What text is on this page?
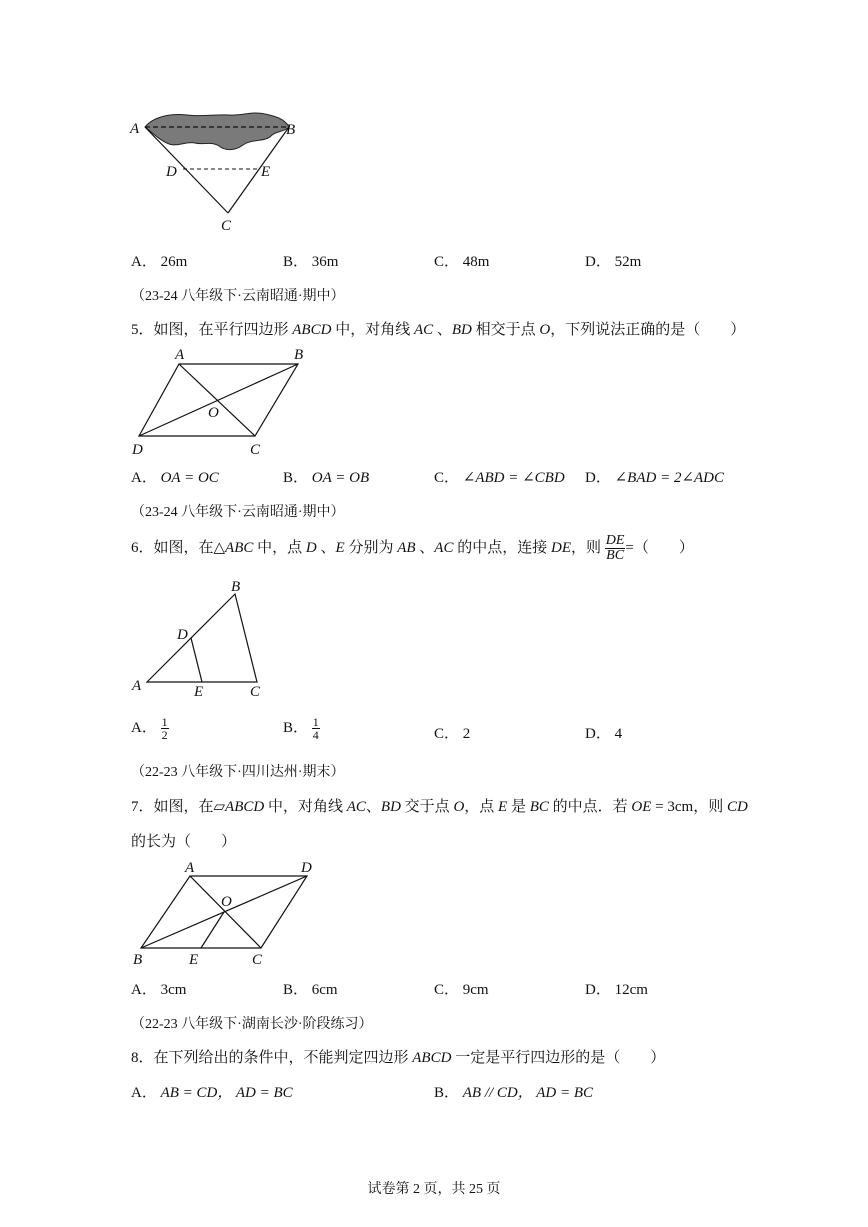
A	B
D	E
C
A． 26m	B． 36m	C． 48m	D． 52m
（23-24 八年级下·云南昭通·期中）
5．如图，在平行四边形 ABCD 中，对角线 AC 、BD 相交于点 O，下列说法正确的是（　　）
A	B
O
D	C
A． OA = OC	B． OA = OB	C． ∠ABD = ∠CBD D． ∠BAD = 2∠ADC
（23-24 八年级下·云南昭通·期中）
6．如图，在△ABC 中，点 D 、E 分别为 AB 、AC 的中点，连接 DE，则 $\frac{DE}{BC}$ =（　　）
B
D
A	E	C
A． $\frac{1}{2}$	B． $\frac{1}{4}$	C． 2	D． 4
（22-23 八年级下·四川达州·期末）
7．如图，在▱ABCD 中，对角线 AC、BD 交于点 O，点 E 是 BC 的中点．若 OE = 3cm，则 CD
的长为（　　）
A	D
O
B	E	C
A． 3cm	B． 6cm	C． 9cm	D． 12cm
（22-23 八年级下·湖南长沙·阶段练习）
8．在下列给出的条件中，不能判定四边形 ABCD 一定是平行四边形的是（　　）
A． AB = CD， AD = BC	B． AB // CD， AD = BC
试卷第 2 页，共 25 页
